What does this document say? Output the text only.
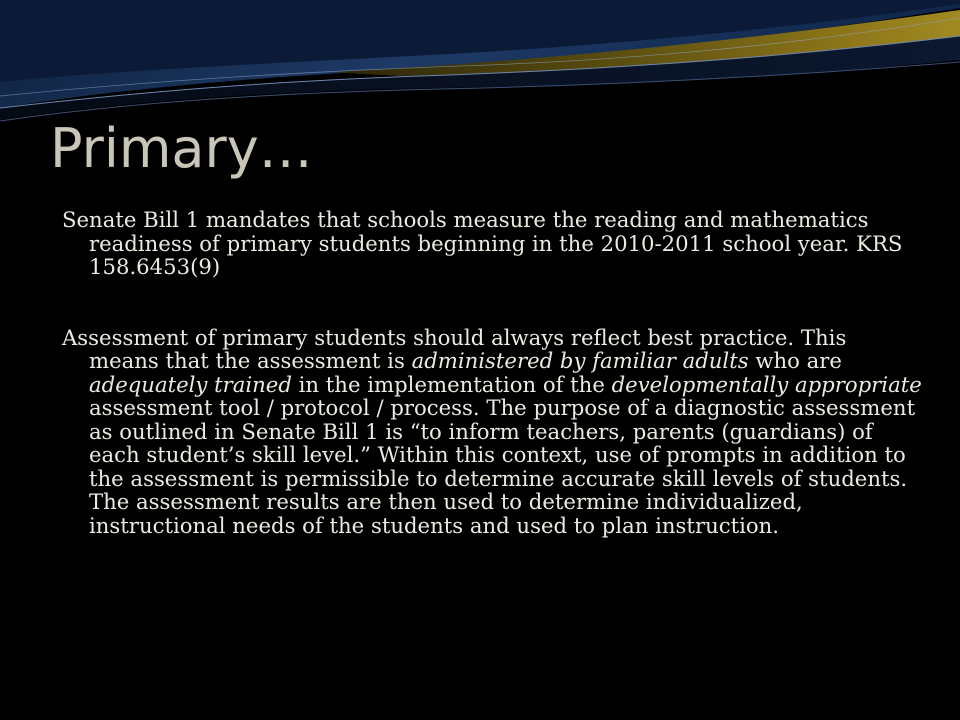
Primary…

Senate Bill 1 mandates that schools measure the reading and mathematics readiness of primary students beginning in the 2010-2011 school year. KRS 158.6453(9)

Assessment of primary students should always reflect best practice. This means that the assessment is administered by familiar adults who are adequately trained in the implementation of the developmentally appropriate assessment tool / protocol / process. The purpose of a diagnostic assessment as outlined in Senate Bill 1 is “to inform teachers, parents (guardians) of each student’s skill level.” Within this context, use of prompts in addition to the assessment is permissible to determine accurate skill levels of students. The assessment results are then used to determine individualized, instructional needs of the students and used to plan instruction.
